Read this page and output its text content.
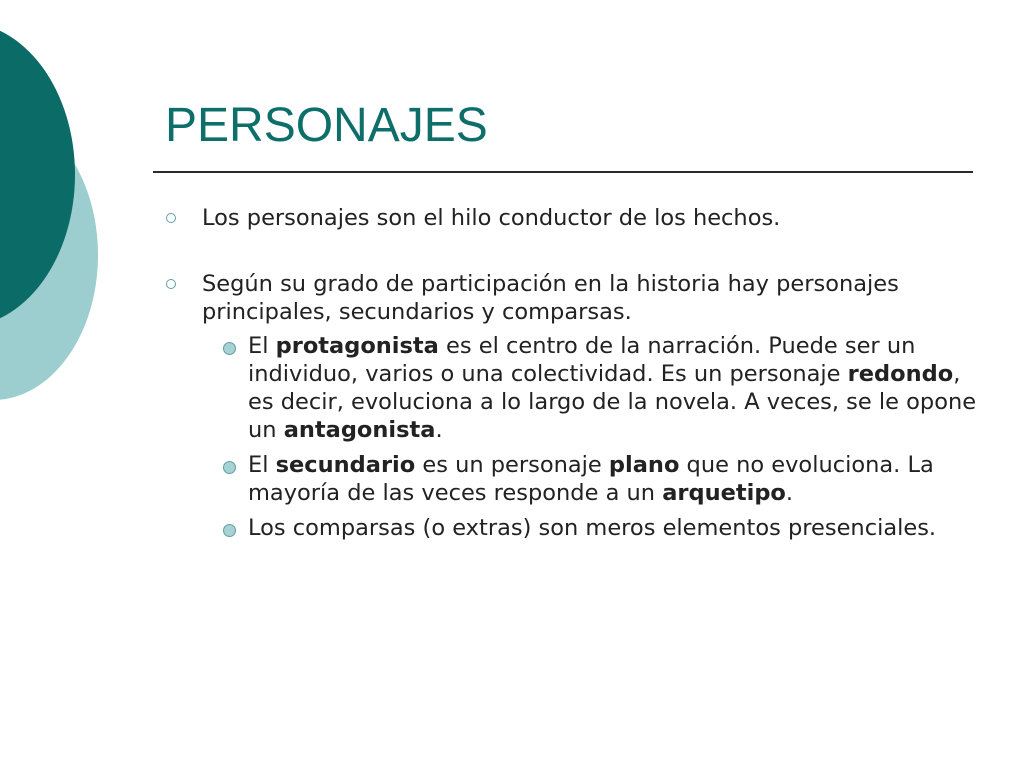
PERSONAJES
Los personajes son el hilo conductor de los hechos.
Según su grado de participación en la historia hay personajes principales, secundarios y comparsas.
El protagonista es el centro de la narración. Puede ser un individuo, varios o una colectividad. Es un personaje redondo, es decir, evoluciona a lo largo de la novela. A veces, se le opone un antagonista.
El secundario es un personaje plano que no evoluciona. La mayoría de las veces responde a un arquetipo.
Los comparsas (o extras) son meros elementos presenciales.
